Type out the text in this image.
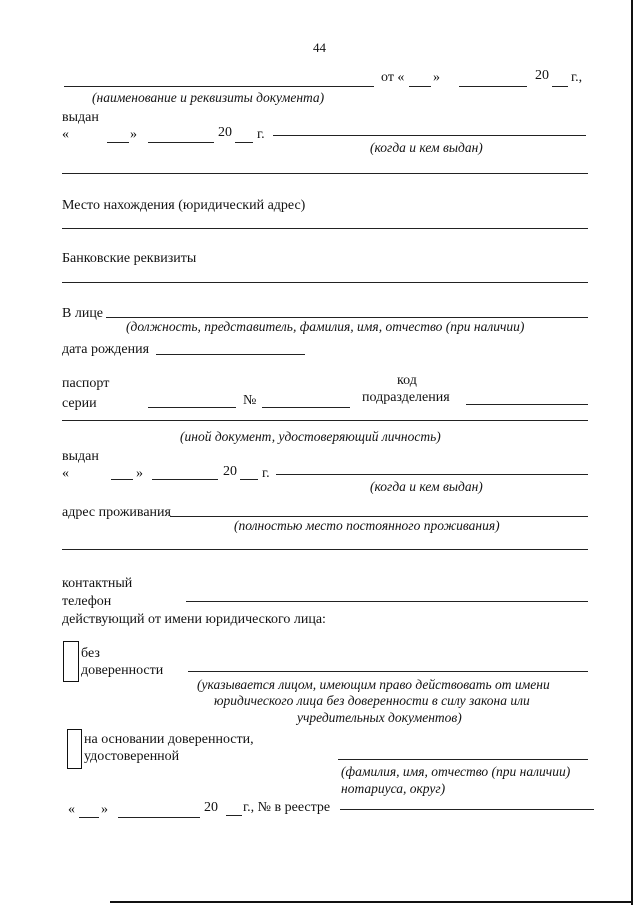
44
от « »	20 г.,
(наименование и реквизиты документа)
выдан
«	»	20 г.
(когда и кем выдан)
Место нахождения (юридический адрес)
Банковские реквизиты
В лице
(должность, представитель, фамилия, имя, отчество (при наличии)
дата рождения
паспорт
серии	№
код
подразделения
(иной документ, удостоверяющий личность)
выдан
«	»	20 г.
(когда и кем выдан)
адрес проживания
(полностью место постоянного проживания)
контактный
телефон
действующий от имени юридического лица:
без
доверенности
(указывается лицом, имеющим право действовать от имени
юридического лица без доверенности в силу закона или
учредительных документов)
на основании доверенности,
удостоверенной
(фамилия, имя, отчество (при наличии)
нотариуса, округ)
« »	20 г., № в реестре
